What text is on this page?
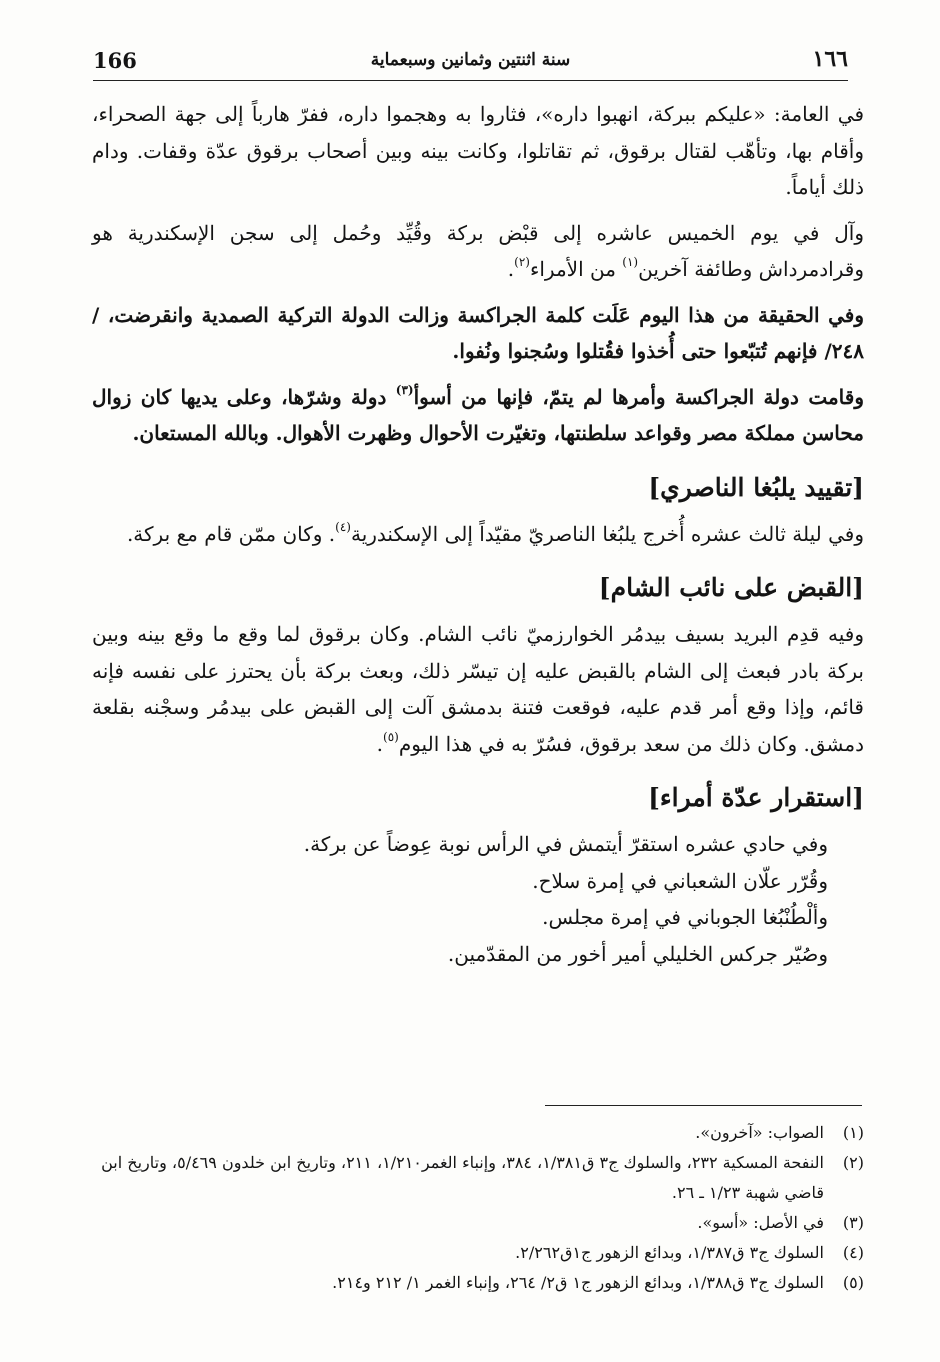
166	سنة اثنتين وثمانين وسبعماية	١٦٦

في العامة: «عليكم ببركة، انهبوا داره»، فثاروا به وهجموا داره، ففرّ هارباً إلى جهة الصحراء، وأقام بها، وتأهّب لقتال برقوق، ثم تقاتلوا، وكانت بينه وبين أصحاب برقوق عدّة وقفات. ودام ذلك أياماً.

وآل في يوم الخميس عاشره إلى قبْض بركة وقُيِّد وحُمل إلى سجن الإسكندرية هو وقرادمرداش وطائفة آخرين$^{(١)}$ من الأمراء$^{(٢)}$.

وفي الحقيقة من هذا اليوم عَلَت كلمة الجراكسة وزالت الدولة التركية الصمدية وانقرضت، /٢٤٨/ فإنهم تُتبّعوا حتى أُخذوا فقُتلوا وسُجنوا ونُفوا.

وقامت دولة الجراكسة وأمرها لم يتمّ، فإنها من أسوأ$^{(٣)}$ دولة وشرّها، وعلى يديها كان زوال محاسن مملكة مصر وقواعد سلطنتها، وتغيّرت الأحوال وظهرت الأهوال. وبالله المستعان.

[تقييد يلبُغا الناصري]

وفي ليلة ثالث عشره أُخرج يلبُغا الناصريّ مقيّداً إلى الإسكندرية$^{(٤)}$. وكان ممّن قام مع بركة.

[القبض على نائب الشام]

وفيه قدِم البريد بسيف بيدمُر الخوارزميّ نائب الشام. وكان برقوق لما وقع ما وقع بينه وبين بركة بادر فبعث إلى الشام بالقبض عليه إن تيسّر ذلك، وبعث بركة بأن يحترز على نفسه فإنه قائم، وإذا وقع أمر قدم عليه، فوقعت فتنة بدمشق آلت إلى القبض على بيدمُر وسجْنه بقلعة دمشق. وكان ذلك من سعد برقوق، فسُرّ به في هذا اليوم$^{(٥)}$.

[استقرار عدّة أمراء]

وفي حادي عشره استقرّ أيتمش في الرأس نوبة عِوضاً عن بركة.

وقُرّر علّان الشعباني في إمرة سلاح.

وألْطُنْبُغا الجوباني في إمرة مجلس.

وصُيّر جركس الخليلي أمير أخور من المقدّمين.

(١)
الصواب: «آخرون».
(٢)
النفحة المسكية ٢٣٢، والسلوك ج٣ ق١/٣٨١، ٣٨٤، وإنباء الغمر١/٢١٠، ٢١١، وتاريخ ابن خلدون ٥/٤٦٩، وتاريخ ابن قاضي شهبة ١/٢٣ ـ ٢٦.
(٣)
في الأصل: «أسو».
(٤)
السلوك ج٣ ق١/٣٨٧، وبدائع الزهور ج١ق٢/٢٦٢.
(٥)
السلوك ج٣ ق١/٣٨٨، وبدائع الزهور ج١ ق٢/ ٢٦٤، وإنباء الغمر ١/ ٢١٢ و٢١٤.
